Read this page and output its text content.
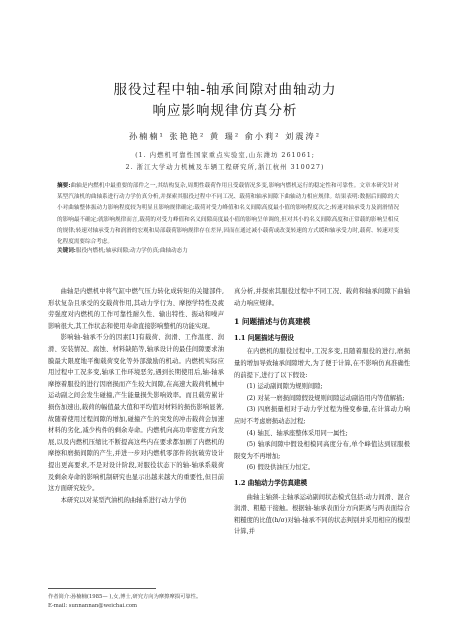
服役过程中轴-轴承间隙对曲轴动力
响应影响规律仿真分析
孙楠楠¹ 张艳艳² 黄 瑞² 俞小莉² 刘震涛²
(1. 内燃机可靠性国家重点实验室,山东潍坊 261061;
2. 浙江大学动力机械及车辆工程研究所,浙江杭州 310027)
摘要:曲轴是内燃机中最重要的部件之一,其结构复杂,周期性载荷作用且受载情况多变,影响内燃机运行的稳定性和可靠性。文章本研究针对某型汽油机的曲轴系进行动力学仿真分析,并探索其服役过程中不同工况、载荷和轴承间隙下曲轴动力相应规律。结果表明:数据后间隙的大小对曲轴整体振动力影响程度较为明显且影响规律确定;载荷对受力峰值和名义间隙高度最小值的影响程度次之;转速对轴承受力及润滑情况的影响最不确定;就影响规律而言,载荷的对受力峰值和名义间隙高度最小值的影响呈单调的,但对其小的名义间隙高度和正常载的影响呈相反的规律;转速对轴承受力和润滑的宏观和局部载荷影响规律存在差异,因而在通过减小载荷或改变转速的方式缓和轴承受力时,载荷、转速对变化程度需要综合考虑。
关键词:服役内燃机;轴承间隙;动力学仿真;曲轴动态力

曲轴是内燃机中将气缸中燃气压力转化成转矩的关键部件,形状复杂且承受的交载荷作用,其动力学行为、摩擦学特性及疲劳强度对内燃机的工作可靠性耐久性、输出特性、振动和噪声影响很大,其工作状态和使用寿命直接影响整机的功能实现。

影响轴-轴承不分的因素[1]有载荷、润滑、工作温度、润滑、安装情况、腐蚀、材料缺陷等,轴承设计的最佳间隙要求油膜最大限度地平衡载荷变化等外部激励的机动。内燃机实际应用过程中工况多变,轴承工作环境恶劣,遇到长期使用后,轴-轴承摩擦着服役的进行因磨损而产生较大间隙,在高速大载荷机械中运动副之间会发生碰撞,产生能量损失影响效率。而且载劳累计损伤加速出,载荷的幅值最大值和平均值对材料的损伤影响显著,故随着使用过程间隙的增加,碰撞产生的突发的冲击载荷会加速材料的劣化,减少构件的剩余寿命。内燃机向高功率密度方向发展,以及内燃机压缩比不断提高这些内在要求都加剧了内燃机的摩擦和磨损间隙的产生,并进一步对内燃机零部件的抗破劳设计提出更高要求,不是对设计阶段,对服役状态下的轴-轴承系载荷及剩余寿命的影响机制研究也显示出越来越大的重要性,但目前这方面研究较少。

本研究以对某型汽油机的曲轴系进行动力学仿

真分析,并探索其服役过程中不同工况、载荷和轴承间隙下曲轴动力响应规律。

1 问题描述与仿真建模
1.1 问题描述与假设

在内燃机的服役过程中,工况多变,且随着服役的进行,磨损量的增加导致轴承间隙增大,为了便于计算,在不影响仿真准确性的前提下,进行了以下假设:

(1) 运动副间隙为规则间隙;

(2) 对某一磨损间隙假设规则间隙运动副沿用内等值解描;

(3) 四磨损量相对于动力学过程为慢变参量,在计算动力响应时不考虑磨损动态过程;

(4) 轴瓦、轴承座整体采用同一属性;

(5) 轴承间隙中假设相模同高度分布,单个峰值达到屈服极限变为不再增加;

(6) 假设供油压力恒定。

1.2 曲轴动力学仿真建模

曲轴主轴颈-主轴承运动副间状态模式包括:动力间滑、混合润滑、粗糙干接触。根据轴-轴承表面分方向距离与两表面综合粗糙度的比值(h/σ)对轴-轴承不同的状态判别并采用相应的模型计算,并

作者简介:孙楠楠(1985— ),女,博士,研究方向为摩擦摩损可靠性。
E-mail: sunnannan@weichai.com
